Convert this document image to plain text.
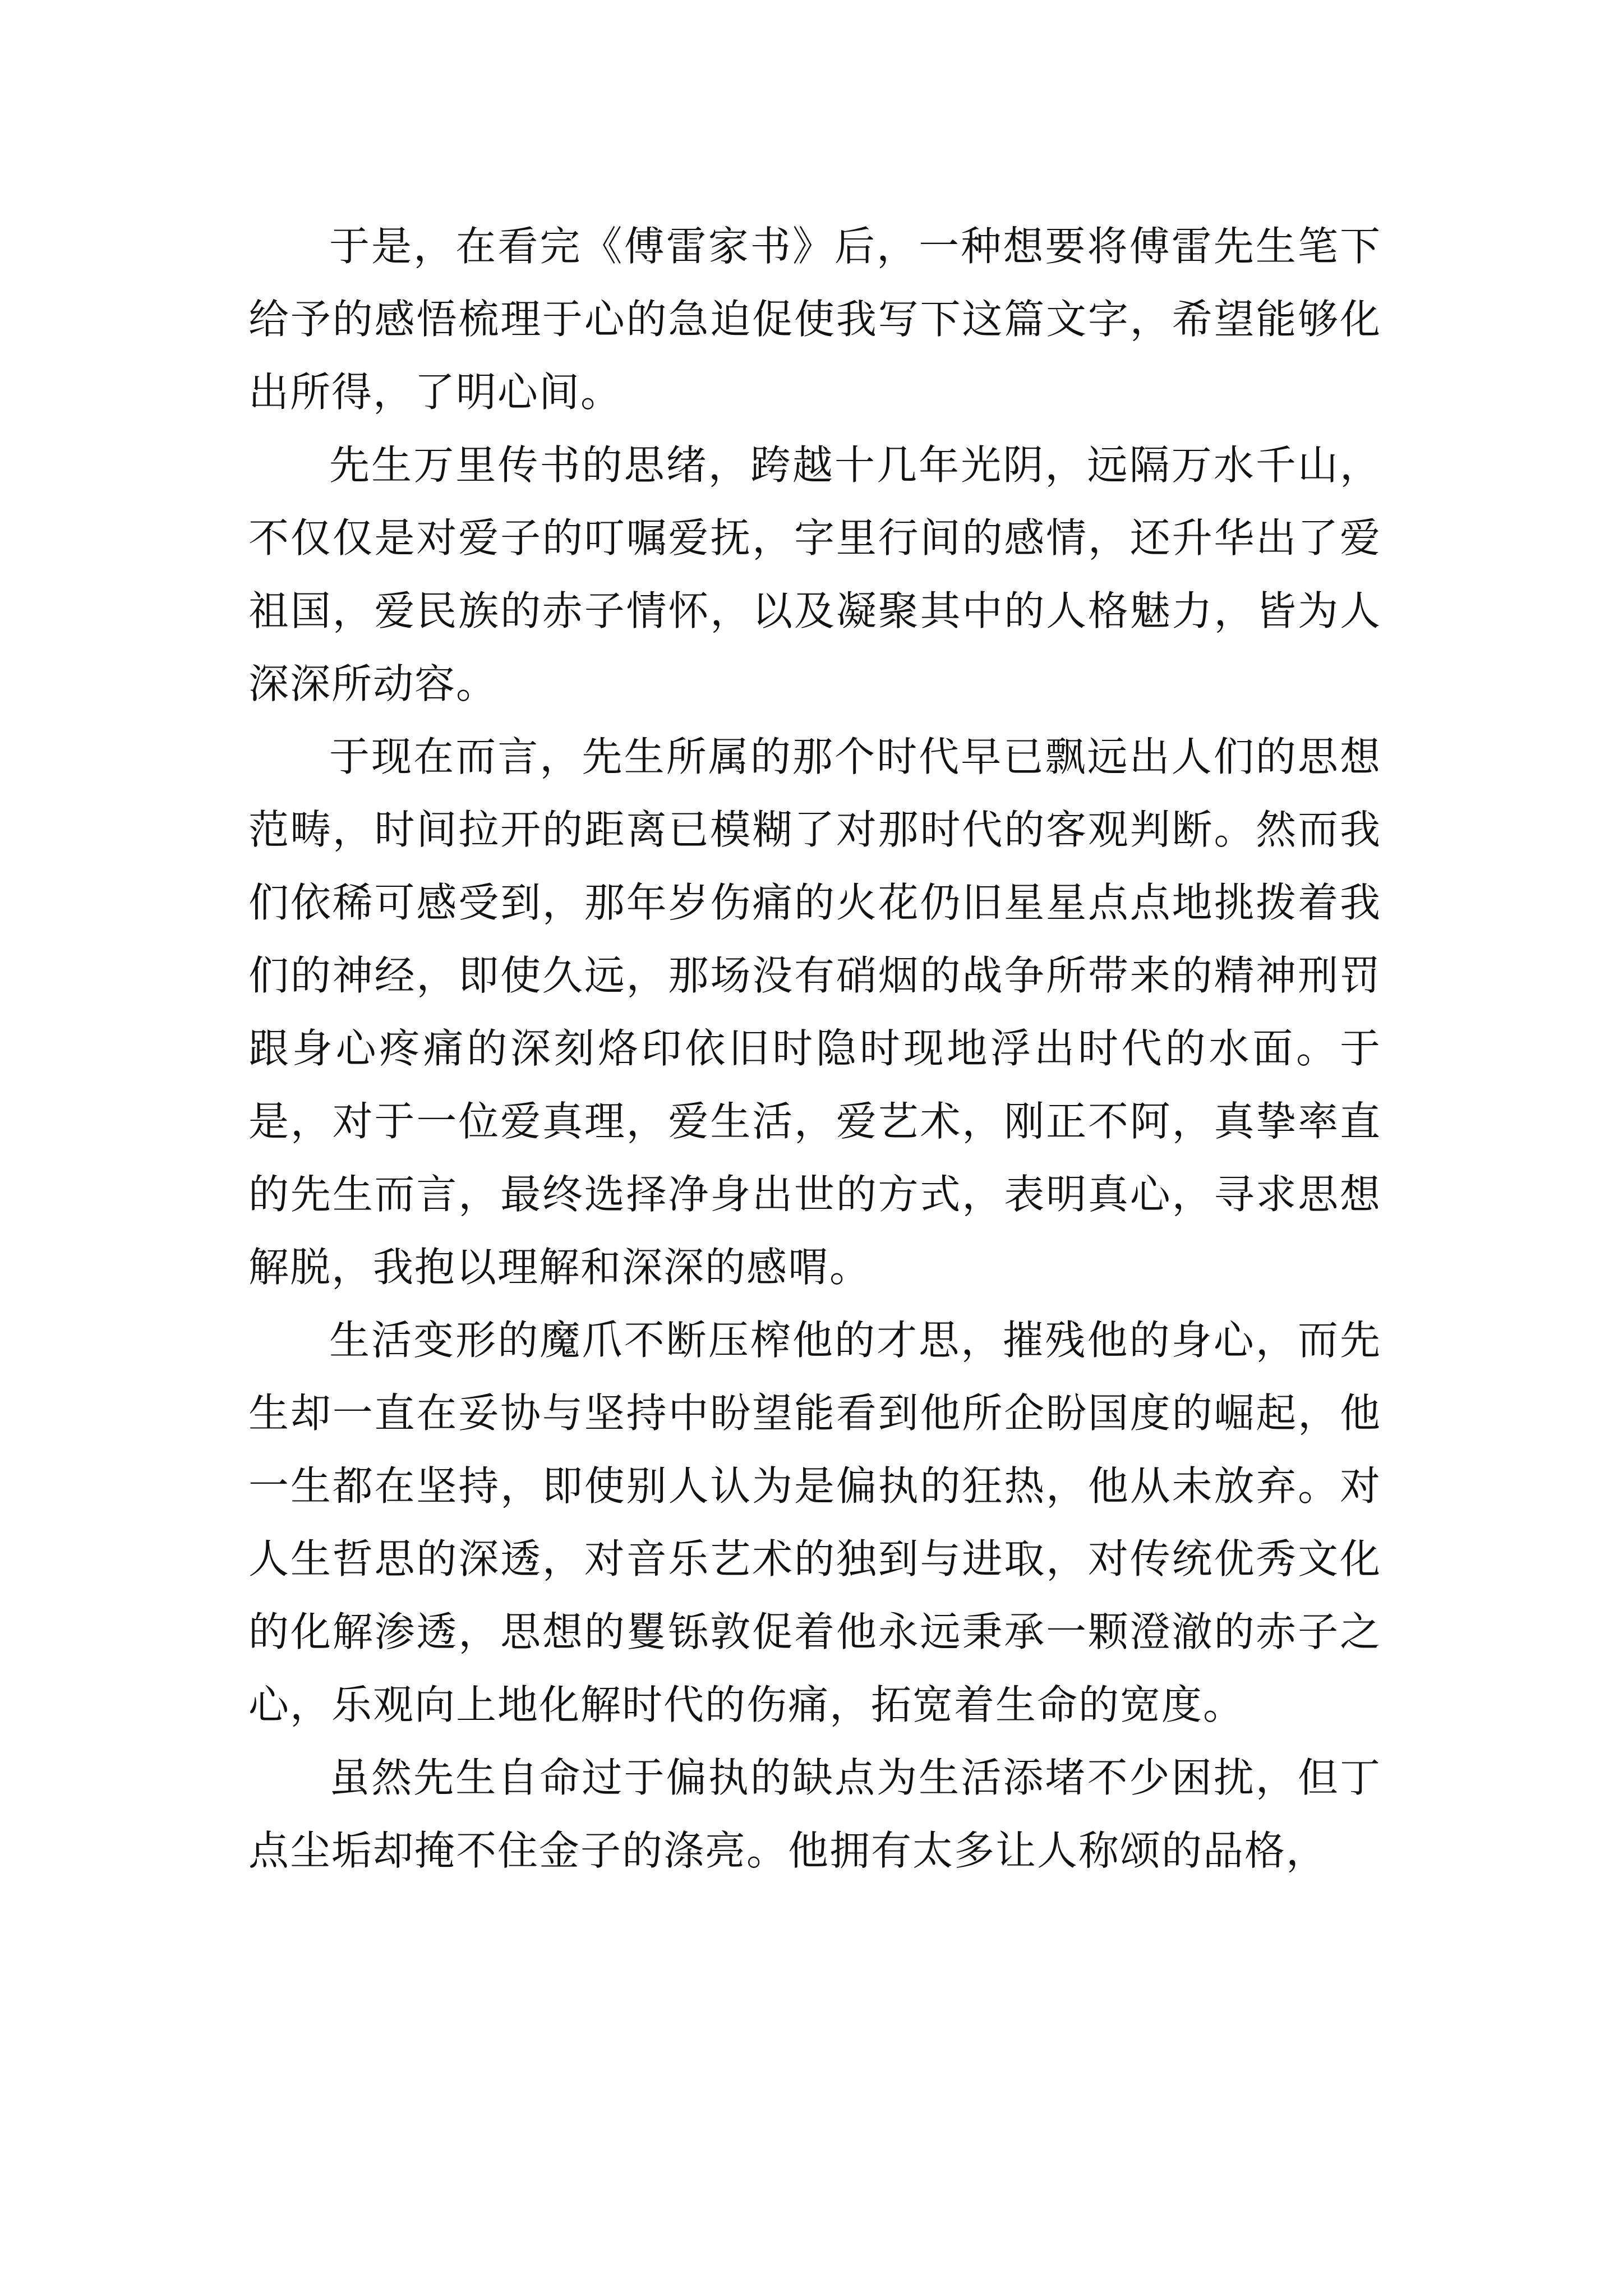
于是，在看完《傅雷家书》后，一种想要将傅雷先生笔下给予的感悟梳理于心的急迫促使我写下这篇文字，希望能够化出所得，了明心间。

先生万里传书的思绪，跨越十几年光阴，远隔万水千山，不仅仅是对爱子的叮嘱爱抚，字里行间的感情，还升华出了爱祖国，爱民族的赤子情怀，以及凝聚其中的人格魅力，皆为人深深所动容。

于现在而言，先生所属的那个时代早已飘远出人们的思想范畴，时间拉开的距离已模糊了对那时代的客观判断。然而我们依稀可感受到，那年岁伤痛的火花仍旧星星点点地挑拨着我们的神经，即使久远，那场没有硝烟的战争所带来的精神刑罚跟身心疼痛的深刻烙印依旧时隐时现地浮出时代的水面。于是，对于一位爱真理，爱生活，爱艺术，刚正不阿，真挚率直的先生而言，最终选择净身出世的方式，表明真心，寻求思想解脱，我抱以理解和深深的感喟。

生活变形的魔爪不断压榨他的才思，摧残他的身心，而先生却一直在妥协与坚持中盼望能看到他所企盼国度的崛起，他一生都在坚持，即使别人认为是偏执的狂热，他从未放弃。对人生哲思的深透，对音乐艺术的独到与进取，对传统优秀文化的化解渗透，思想的矍铄敦促着他永远秉承一颗澄澈的赤子之心，乐观向上地化解时代的伤痛，拓宽着生命的宽度。

虽然先生自命过于偏执的缺点为生活添堵不少困扰，但丁点尘垢却掩不住金子的涤亮。他拥有太多让人称颂的品格，
